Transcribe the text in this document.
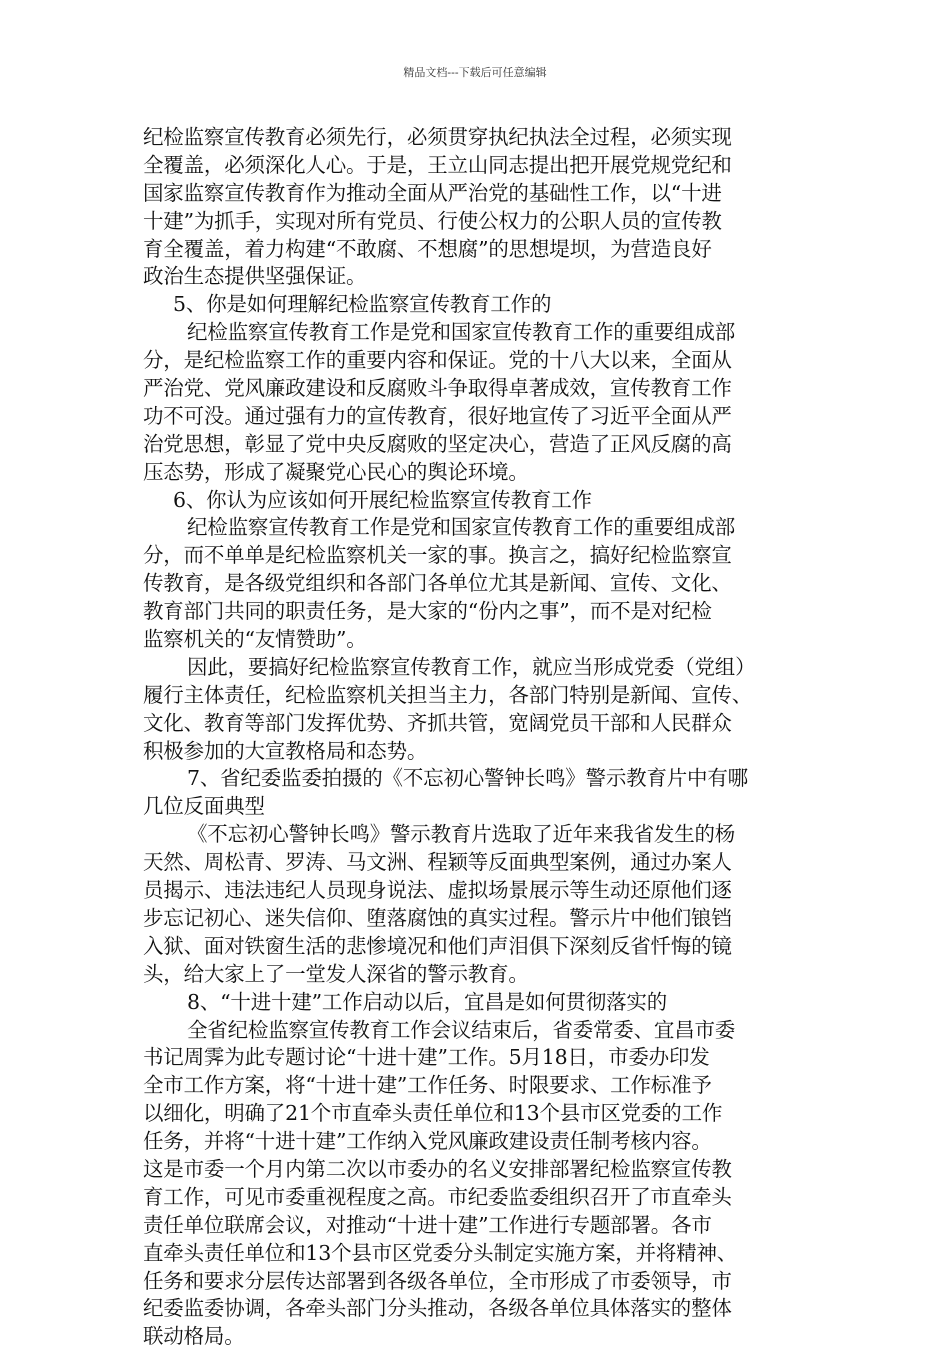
精品文档---下载后可任意编辑
纪检监察宣传教育必须先行，必须贯穿执纪执法全过程，必须实现
全覆盖，必须深化人心。于是，王立山同志提出把开展党规党纪和
国家监察宣传教育作为推动全面从严治党的基础性工作，以“十进
十建”为抓手，实现对所有党员、行使公权力的公职人员的宣传教
育全覆盖，着力构建“不敢腐、不想腐”的思想堤坝，为营造良好
政治生态提供坚强保证。
5、你是如何理解纪检监察宣传教育工作的
纪检监察宣传教育工作是党和国家宣传教育工作的重要组成部
分，是纪检监察工作的重要内容和保证。党的十八大以来，全面从
严治党、党风廉政建设和反腐败斗争取得卓著成效，宣传教育工作
功不可没。通过强有力的宣传教育，很好地宣传了习近平全面从严
治党思想，彰显了党中央反腐败的坚定决心，营造了正风反腐的高
压态势，形成了凝聚党心民心的舆论环境。
6、你认为应该如何开展纪检监察宣传教育工作
纪检监察宣传教育工作是党和国家宣传教育工作的重要组成部
分，而不单单是纪检监察机关一家的事。换言之，搞好纪检监察宣
传教育，是各级党组织和各部门各单位尤其是新闻、宣传、文化、
教育部门共同的职责任务，是大家的“份内之事”，而不是对纪检
监察机关的“友情赞助”。
因此，要搞好纪检监察宣传教育工作，就应当形成党委（党组）
履行主体责任，纪检监察机关担当主力，各部门特别是新闻、宣传、
文化、教育等部门发挥优势、齐抓共管，宽阔党员干部和人民群众
积极参加的大宣教格局和态势。
7、省纪委监委拍摄的《不忘初心警钟长鸣》警示教育片中有哪
几位反面典型
《不忘初心警钟长鸣》警示教育片选取了近年来我省发生的杨
天然、周松青、罗涛、马文洲、程颖等反面典型案例，通过办案人
员揭示、违法违纪人员现身说法、虚拟场景展示等生动还原他们逐
步忘记初心、迷失信仰、堕落腐蚀的真实过程。警示片中他们锒铛
入狱、面对铁窗生活的悲惨境况和他们声泪俱下深刻反省忏悔的镜
头，给大家上了一堂发人深省的警示教育。
8、“十进十建”工作启动以后，宜昌是如何贯彻落实的
全省纪检监察宣传教育工作会议结束后，省委常委、宜昌市委
书记周霁为此专题讨论“十进十建”工作。5月18日，市委办印发
全市工作方案，将“十进十建”工作任务、时限要求、工作标准予
以细化，明确了21个市直牵头责任单位和13个县市区党委的工作
任务，并将“十进十建”工作纳入党风廉政建设责任制考核内容。
这是市委一个月内第二次以市委办的名义安排部署纪检监察宣传教
育工作，可见市委重视程度之高。市纪委监委组织召开了市直牵头
责任单位联席会议，对推动“十进十建”工作进行专题部署。各市
直牵头责任单位和13个县市区党委分头制定实施方案，并将精神、
任务和要求分层传达部署到各级各单位，全市形成了市委领导，市
纪委监委协调，各牵头部门分头推动，各级各单位具体落实的整体
联动格局。
